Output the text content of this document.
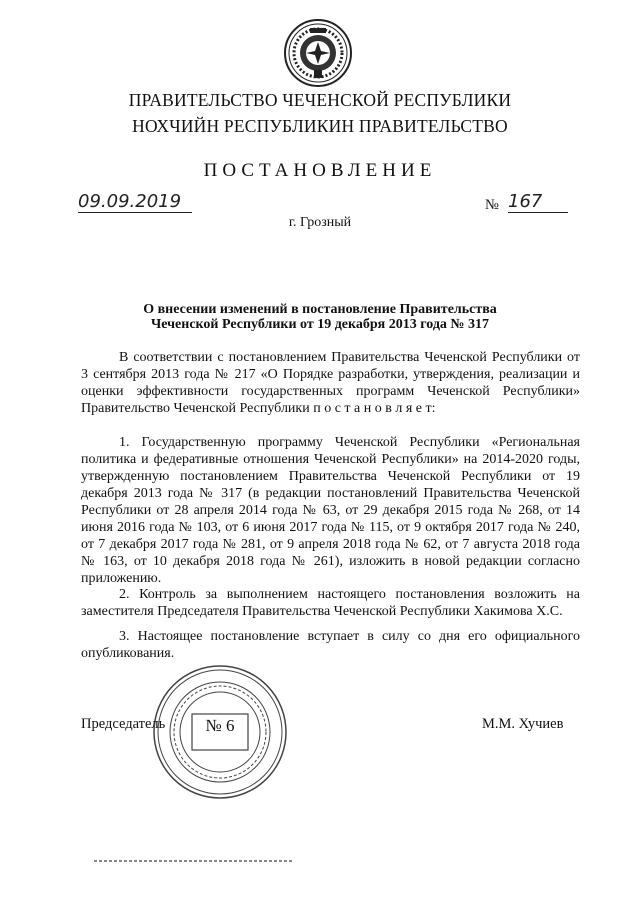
ПРАВИТЕЛЬСТВО ЧЕЧЕНСКОЙ РЕСПУБЛИКИ
НОХЧИЙН РЕСПУБЛИКИН ПРАВИТЕЛЬСТВО
ПОСТАНОВЛЕНИЕ
09.09.2019	№ 167
г. Грозный
О внесении изменений в постановление Правительства
Чеченской Республики от 19 декабря 2013 года № 317
В соответствии с постановлением Правительства Чеченской Республики от 3 сентября 2013 года № 217 «О Порядке разработки, утверждения, реализации и оценки эффективности государственных программ Чеченской Республики» Правительство Чеченской Республики п о с т а н о в л я е т:
1. Государственную программу Чеченской Республики «Региональная политика и федеративные отношения Чеченской Республики» на 2014-2020 годы, утвержденную постановлением Правительства Чеченской Республики от 19 декабря 2013 года № 317 (в редакции постановлений Правительства Чеченской Республики от 28 апреля 2014 года № 63, от 29 декабря 2015 года № 268, от 14 июня 2016 года № 103, от 6 июня 2017 года № 115, от 9 октября 2017 года № 240, от 7 декабря 2017 года № 281, от 9 апреля 2018 года № 62, от 7 августа 2018 года № 163, от 10 декабря 2018 года № 261), изложить в новой редакции согласно приложению.
2. Контроль за выполнением настоящего постановления возложить на заместителя Председателя Правительства Чеченской Республики Хакимова Х.С.
3. Настоящее постановление вступает в силу со дня его официального опубликования.
№ 6
Председатель	М.М. Хучиев
